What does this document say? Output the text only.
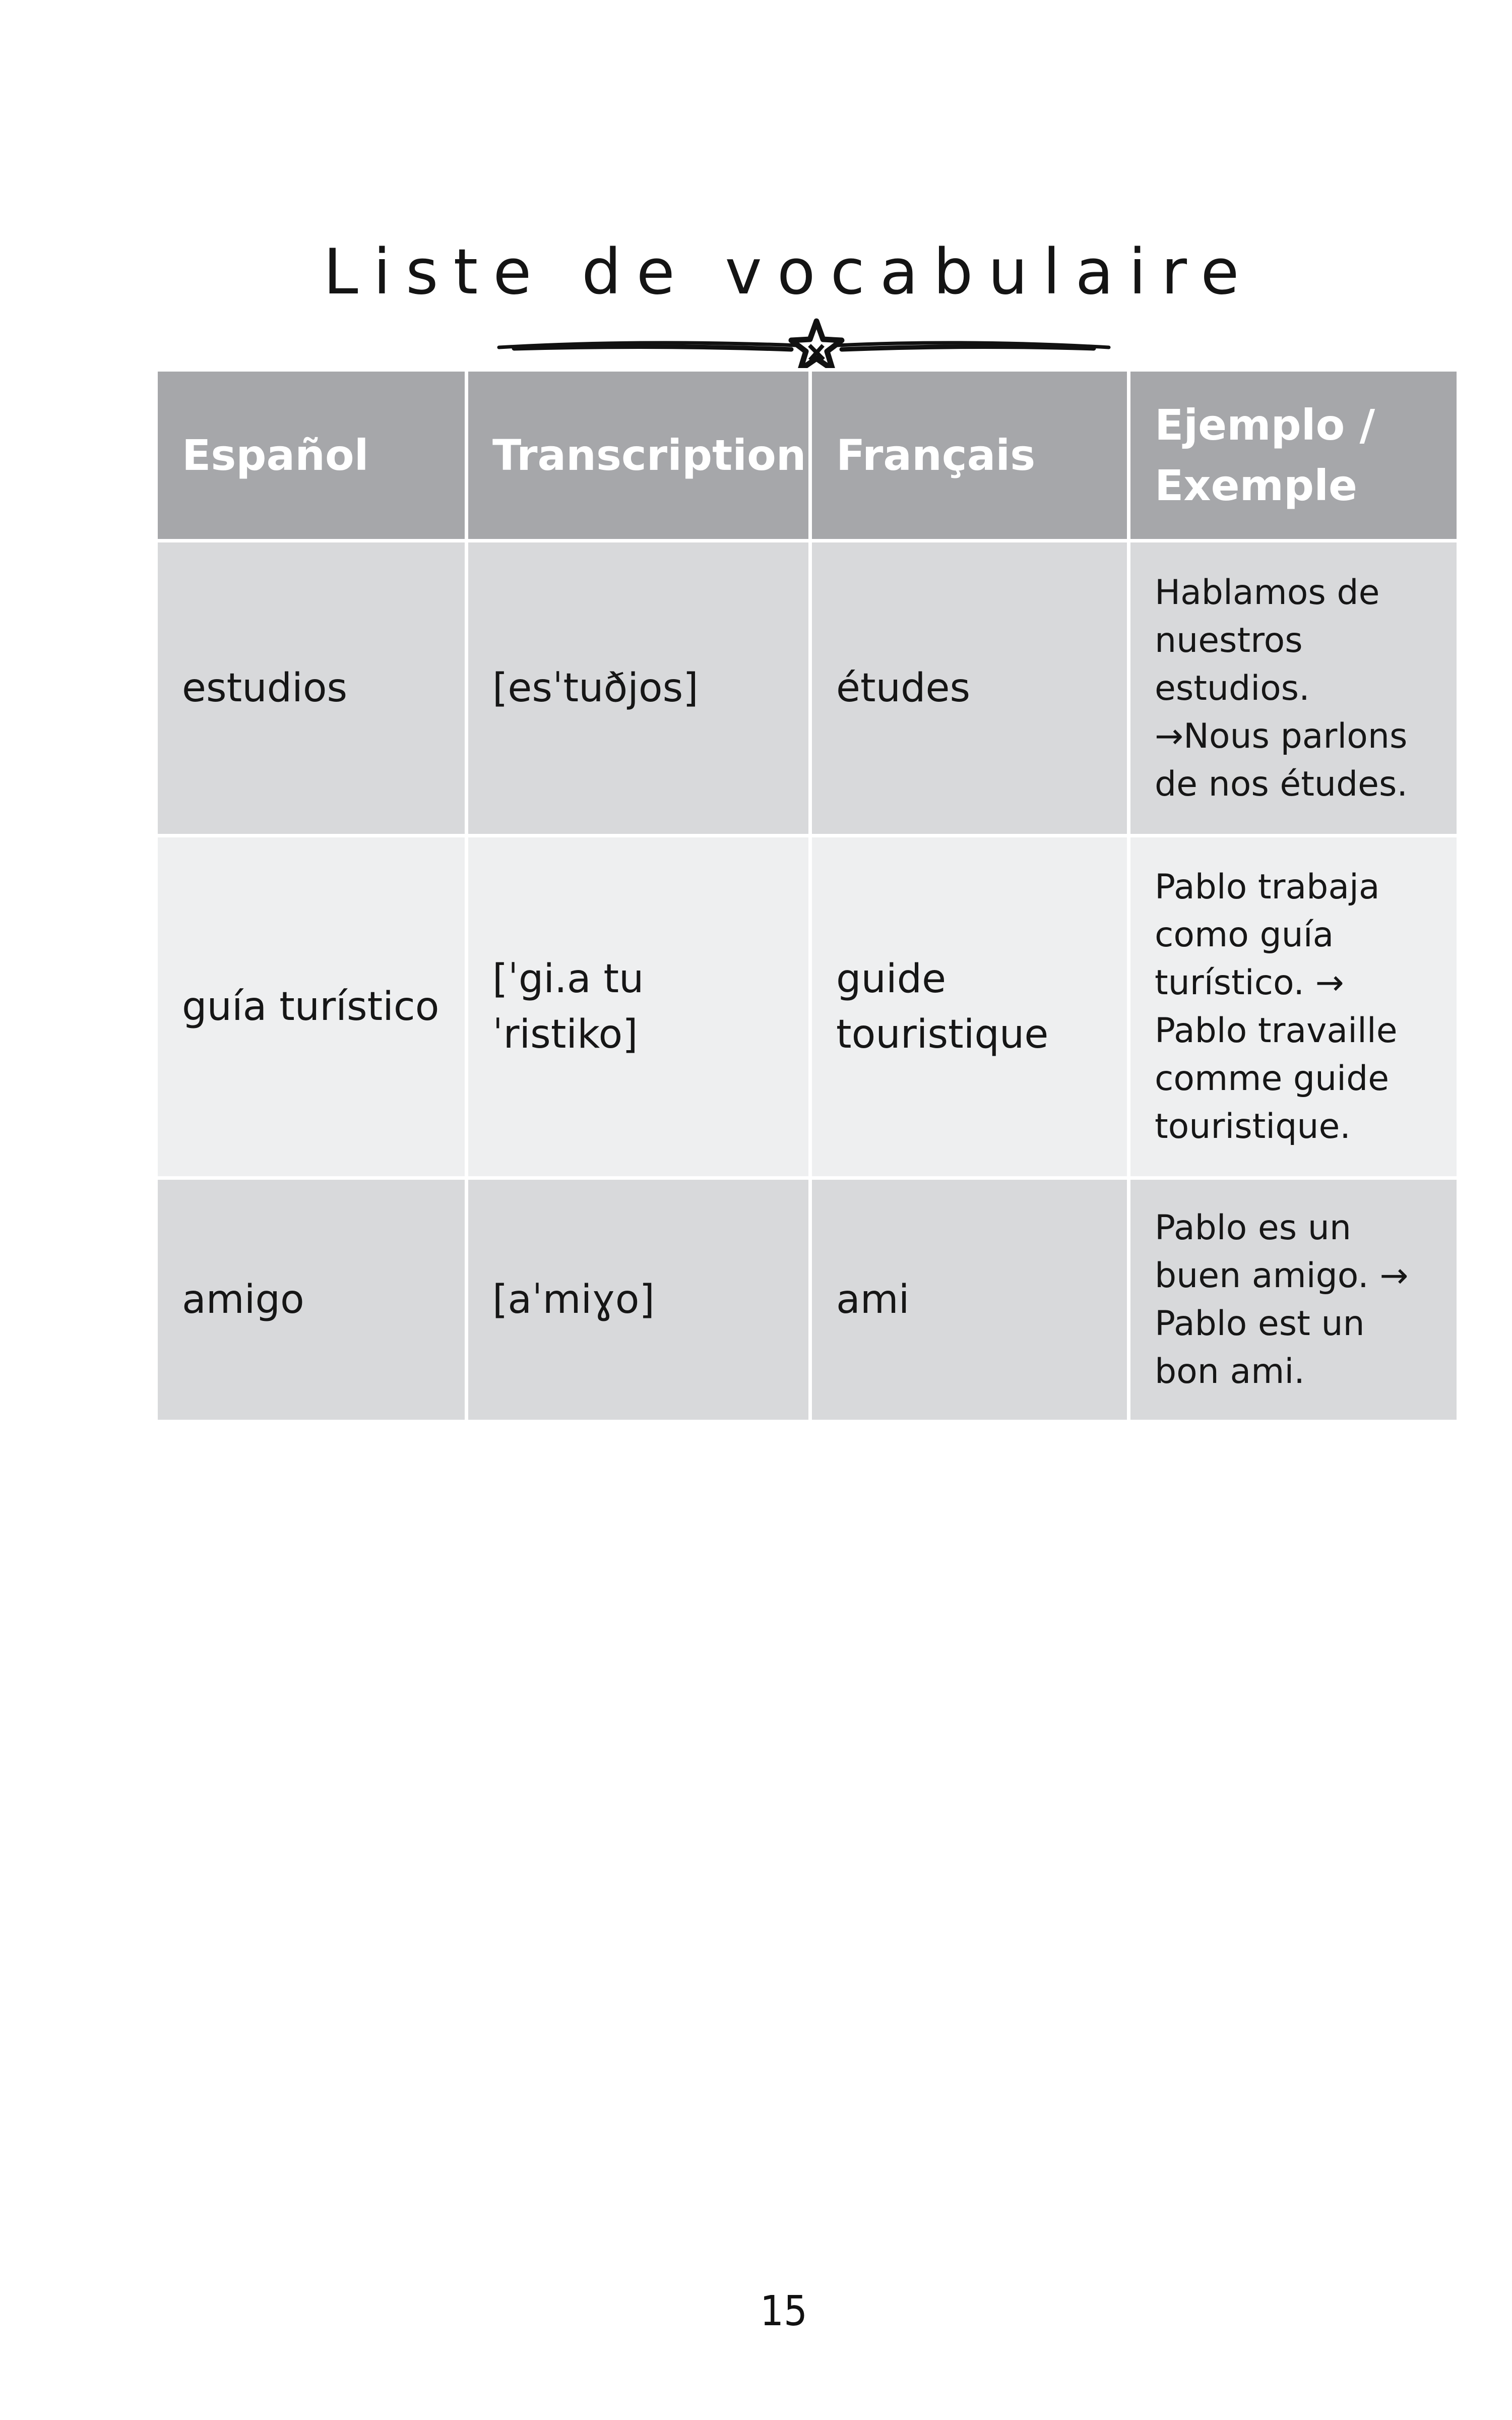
Liste de vocabulaire
Español	Transcription	Français	Ejemplo / Exemple
estudios	[esˈtuðjos]	études	Hablamos de nuestros estudios. →Nous parlons de nos études.
guía turístico	[ˈgi.a tuˈristiko]	guide touristique	Pablo trabaja como guía turístico. → Pablo travaille comme guide touristique.
amigo	[aˈmiɣo]	ami	Pablo es un buen amigo. → Pablo est un bon ami.
15
